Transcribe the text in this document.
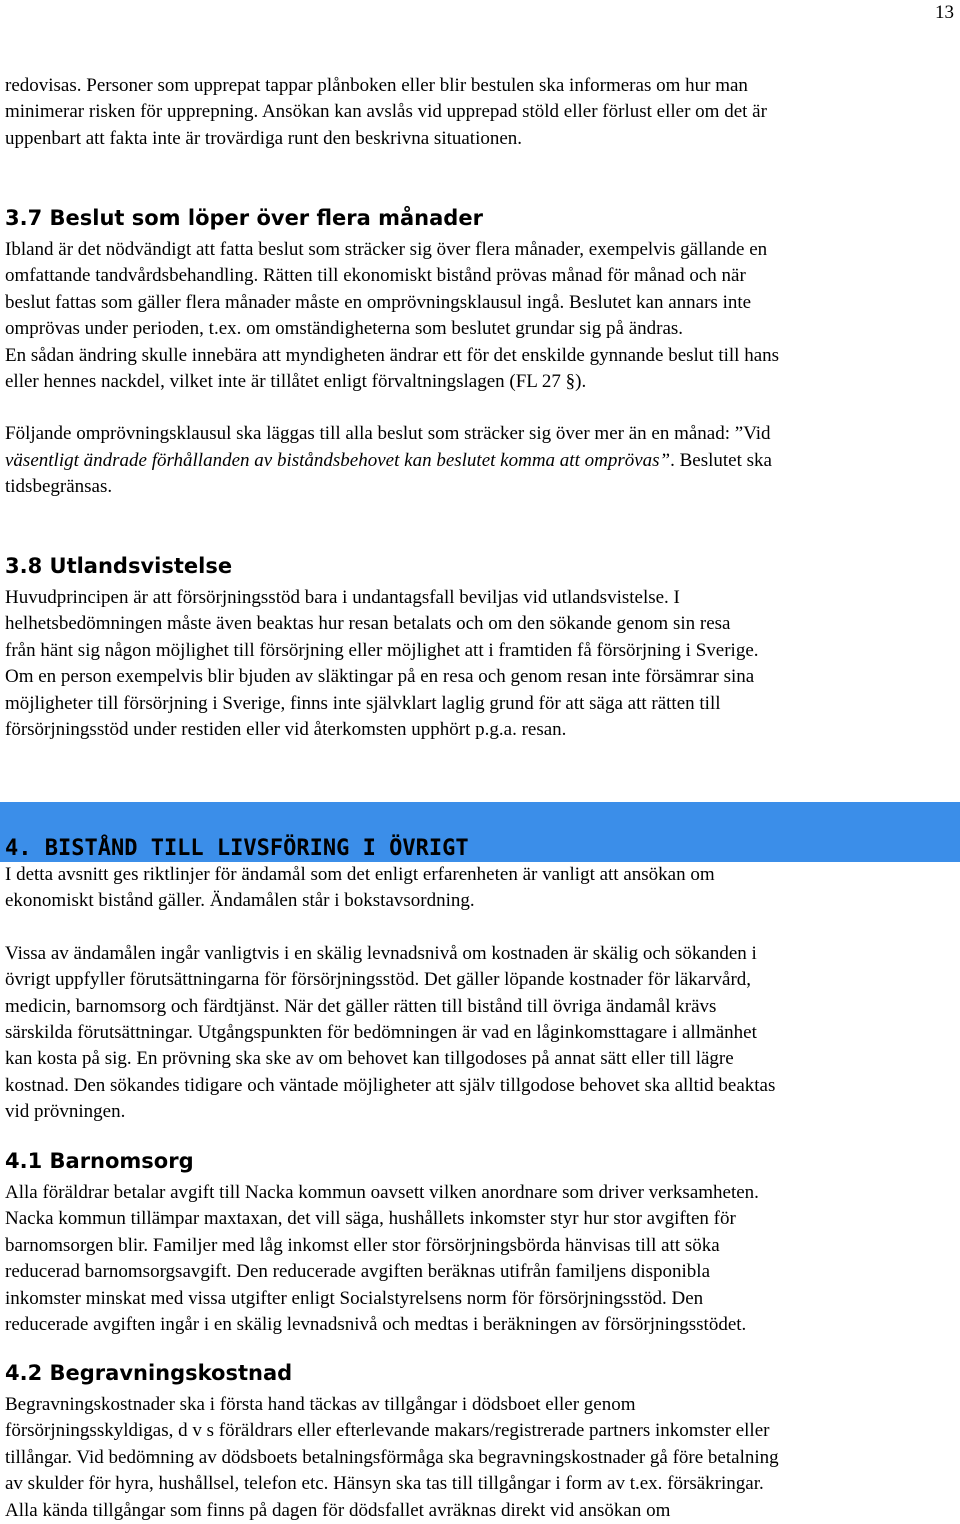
13

redovisas. Personer som upprepat tappar plånboken eller blir bestulen ska informeras om hur man

minimerar risken för upprepning. Ansökan kan avslås vid upprepad stöld eller förlust eller om det är

uppenbart att fakta inte är trovärdiga runt den beskrivna situationen.

3.7 Beslut som löper över flera månader

Ibland är det nödvändigt att fatta beslut som sträcker sig över flera månader, exempelvis gällande en

omfattande tandvårdsbehandling. Rätten till ekonomiskt bistånd prövas månad för månad och när

beslut fattas som gäller flera månader måste en omprövningsklausul ingå. Beslutet kan annars inte

omprövas under perioden, t.ex. om omständigheterna som beslutet grundar sig på ändras.

En sådan ändring skulle innebära att myndigheten ändrar ett för det enskilde gynnande beslut till hans

eller hennes nackdel, vilket inte är tillåtet enligt förvaltningslagen (FL 27 §).

Följande omprövningsklausul ska läggas till alla beslut som sträcker sig över mer än en månad: ”Vid

väsentligt ändrade förhållanden av biståndsbehovet kan beslutet komma att omprövas”. Beslutet ska

tidsbegränsas.

3.8 Utlandsvistelse

Huvudprincipen är att försörjningsstöd bara i undantagsfall beviljas vid utlandsvistelse. I

helhetsbedömningen måste även beaktas hur resan betalats och om den sökande genom sin resa

från hänt sig någon möjlighet till försörjning eller möjlighet att i framtiden få försörjning i Sverige.

Om en person exempelvis blir bjuden av släktingar på en resa och genom resan inte försämrar sina

möjligheter till försörjning i Sverige, finns inte självklart laglig grund för att säga att rätten till

försörjningsstöd under restiden eller vid återkomsten upphört p.g.a. resan.

4. BISTÅND TILL LIVSFÖRING I ÖVRIGT

I detta avsnitt ges riktlinjer för ändamål som det enligt erfarenheten är vanligt att ansökan om

ekonomiskt bistånd gäller. Ändamålen står i bokstavsordning.

Vissa av ändamålen ingår vanligtvis i en skälig levnadsnivå om kostnaden är skälig och sökanden i

övrigt uppfyller förutsättningarna för försörjningsstöd. Det gäller löpande kostnader för läkarvård,

medicin, barnomsorg och färdtjänst. När det gäller rätten till bistånd till övriga ändamål krävs

särskilda förutsättningar. Utgångspunkten för bedömningen är vad en låginkomsttagare i allmänhet

kan kosta på sig. En prövning ska ske av om behovet kan tillgodoses på annat sätt eller till lägre

kostnad. Den sökandes tidigare och väntade möjligheter att själv tillgodose behovet ska alltid beaktas

vid prövningen.

4.1 Barnomsorg

Alla föräldrar betalar avgift till Nacka kommun oavsett vilken anordnare som driver verksamheten.

Nacka kommun tillämpar maxtaxan, det vill säga, hushållets inkomster styr hur stor avgiften för

barnomsorgen blir. Familjer med låg inkomst eller stor försörjningsbörda hänvisas till att söka

reducerad barnomsorgsavgift. Den reducerade avgiften beräknas utifrån familjens disponibla

inkomster minskat med vissa utgifter enligt Socialstyrelsens norm för försörjningsstöd. Den

reducerade avgiften ingår i en skälig levnadsnivå och medtas i beräkningen av försörjningsstödet.

4.2 Begravningskostnad

Begravningskostnader ska i första hand täckas av tillgångar i dödsboet eller genom

försörjningsskyldigas, d v s föräldrars eller efterlevande makars/registrerade partners inkomster eller

tillångar. Vid bedömning av dödsboets betalningsförmåga ska begravningskostnader gå före betalning

av skulder för hyra, hushållsel, telefon etc. Hänsyn ska tas till tillgångar i form av t.ex. försäkringar.

Alla kända tillgångar som finns på dagen för dödsfallet avräknas direkt vid ansökan om
